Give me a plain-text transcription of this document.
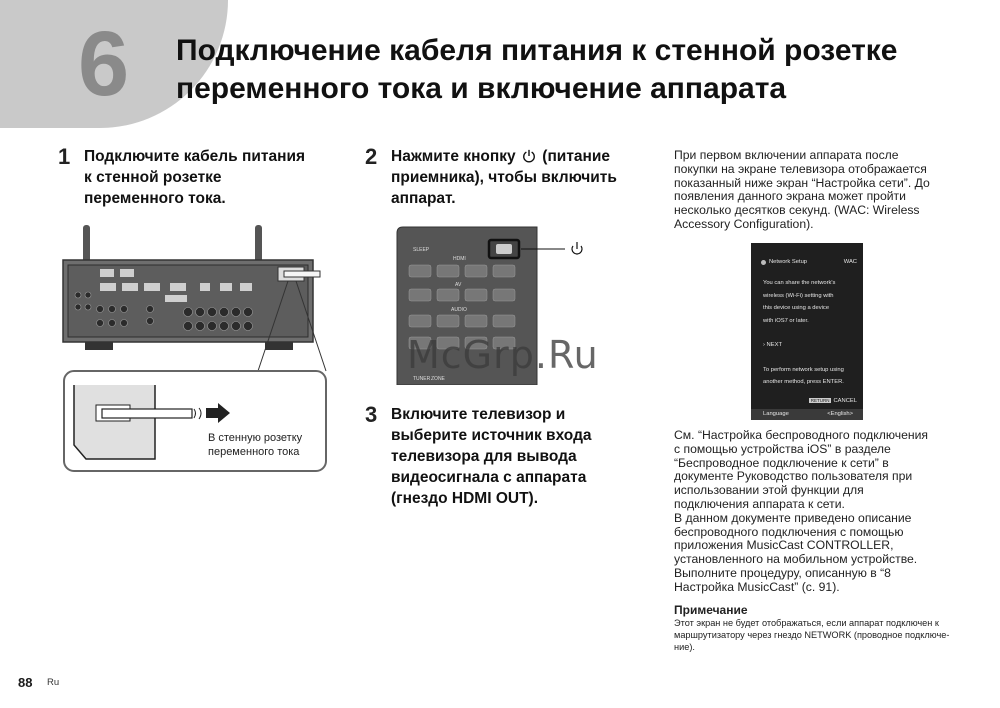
6 Подключение кабеля питания к стенной розетке
переменного тока и включение аппарата
1 Подключите кабель питания
к стенной розетке
переменного тока.
2 Нажмите кнопку (питание
приемника), чтобы включить
аппарат.
3 Включите телевизор и
выберите источник входа
телевизора для вывода
видеосигнала с аппарата
(гнездо HDMI OUT).
В стенную розетку
переменного тока
SLEEP
HDMI
AV
AUDIO
TUNER ZONE
При первом включении аппарата после
покупки на экране телевизора отображается
показанный ниже экран “Настройка сети”. До
появления данного экрана может пройти
несколько десятков секунд. (WAC: Wireless
Accessory Configuration).
Network Setup	WAC
You can share the network's
wireless (Wi-Fi) setting with
this device using a device
with iOS7 or later.
› NEXT
To perform network setup using
another method, press ENTER.
RETURN CANCEL
Language	<English>
См. “Настройка беспроводного подключения
с помощью устройства iOS” в разделе
“Беспроводное подключение к сети” в
документе Руководство пользователя при
использовании этой функции для
подключения аппарата к сети.
В данном документе приведено описание
беспроводного подключения с помощью
приложения MusicCast CONTROLLER,
установленного на мобильном устройстве.
Выполните процедуру, описанную в “8
Настройка MusicCast” (с. 91).
Примечание
Этот экран не будет отображаться, если аппарат подключен к
маршрутизатору через гнездо NETWORK (проводное подключе-
ние).
McGrp.Ru
88 Ru
